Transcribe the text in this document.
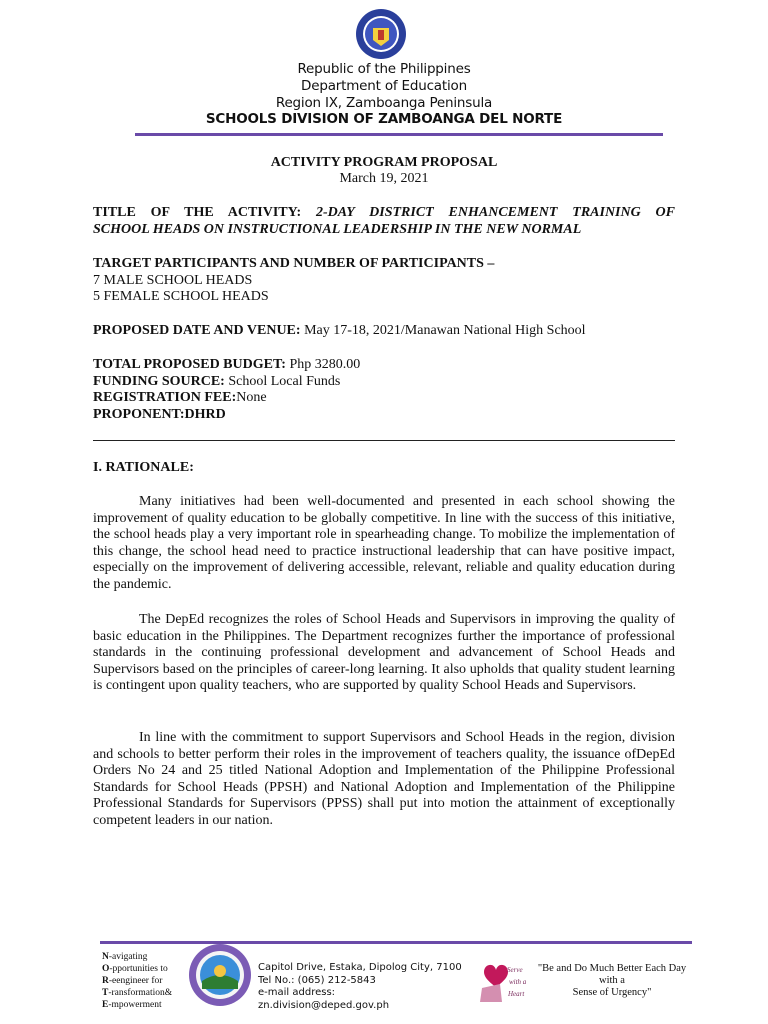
Republic of the Philippines
Department of Education
Region IX, Zamboanga Peninsula
SCHOOLS DIVISION OF ZAMBOANGA DEL NORTE
ACTIVITY PROGRAM PROPOSAL
March 19, 2021
TITLE OF THE ACTIVITY: 2-DAY DISTRICT ENHANCEMENT TRAINING OF
SCHOOL HEADS ON INSTRUCTIONAL LEADERSHIP IN THE NEW NORMAL
TARGET PARTICIPANTS AND NUMBER OF PARTICIPANTS –
7 MALE SCHOOL HEADS
5 FEMALE SCHOOL HEADS
PROPOSED DATE AND VENUE: May 17-18, 2021/Manawan National High School
TOTAL PROPOSED BUDGET: Php 3280.00
FUNDING SOURCE: School Local Funds
REGISTRATION FEE:None
PROPONENT:DHRD
I. RATIONALE:
Many initiatives had been well-documented and presented in each school showing the improvement of quality education to be globally competitive. In line with the success of this initiative, the school heads play a very important role in spearheading change. To mobilize the implementation of this change, the school head need to practice instructional leadership that can have positive impact, especially on the improvement of delivering accessible, relevant, reliable and quality education during the pandemic.
The DepEd recognizes the roles of School Heads and Supervisors in improving the quality of basic education in the Philippines. The Department recognizes further the importance of professional standards in the continuing professional development and advancement of School Heads and Supervisors based on the principles of career-long learning. It also upholds that quality student learning is contingent upon quality teachers, who are supported by quality School Heads and Supervisors.
In line with the commitment to support Supervisors and School Heads in the region, division and schools to better perform their roles in the improvement of teachers quality, the issuance ofDepEd Orders No 24 and 25 titled National Adoption and Implementation of the Philippine Professional Standards for School Heads (PPSH) and National Adoption and Implementation of the Philippine Professional Standards for Supervisors (PPSS) shall put into motion the attainment of exceptionally competent leaders in our nation.
N-avigating
O-pportunities to
R-eengineer for
T-ransformation&
E-mpowerment
Capitol Drive, Estaka, Dipolog City, 7100
Tel No.: (065) 212-5843
e-mail address: zn.division@deped.gov.ph
Serve
with a
Heart
"Be and Do Much Better Each Day
with a
Sense of Urgency"
